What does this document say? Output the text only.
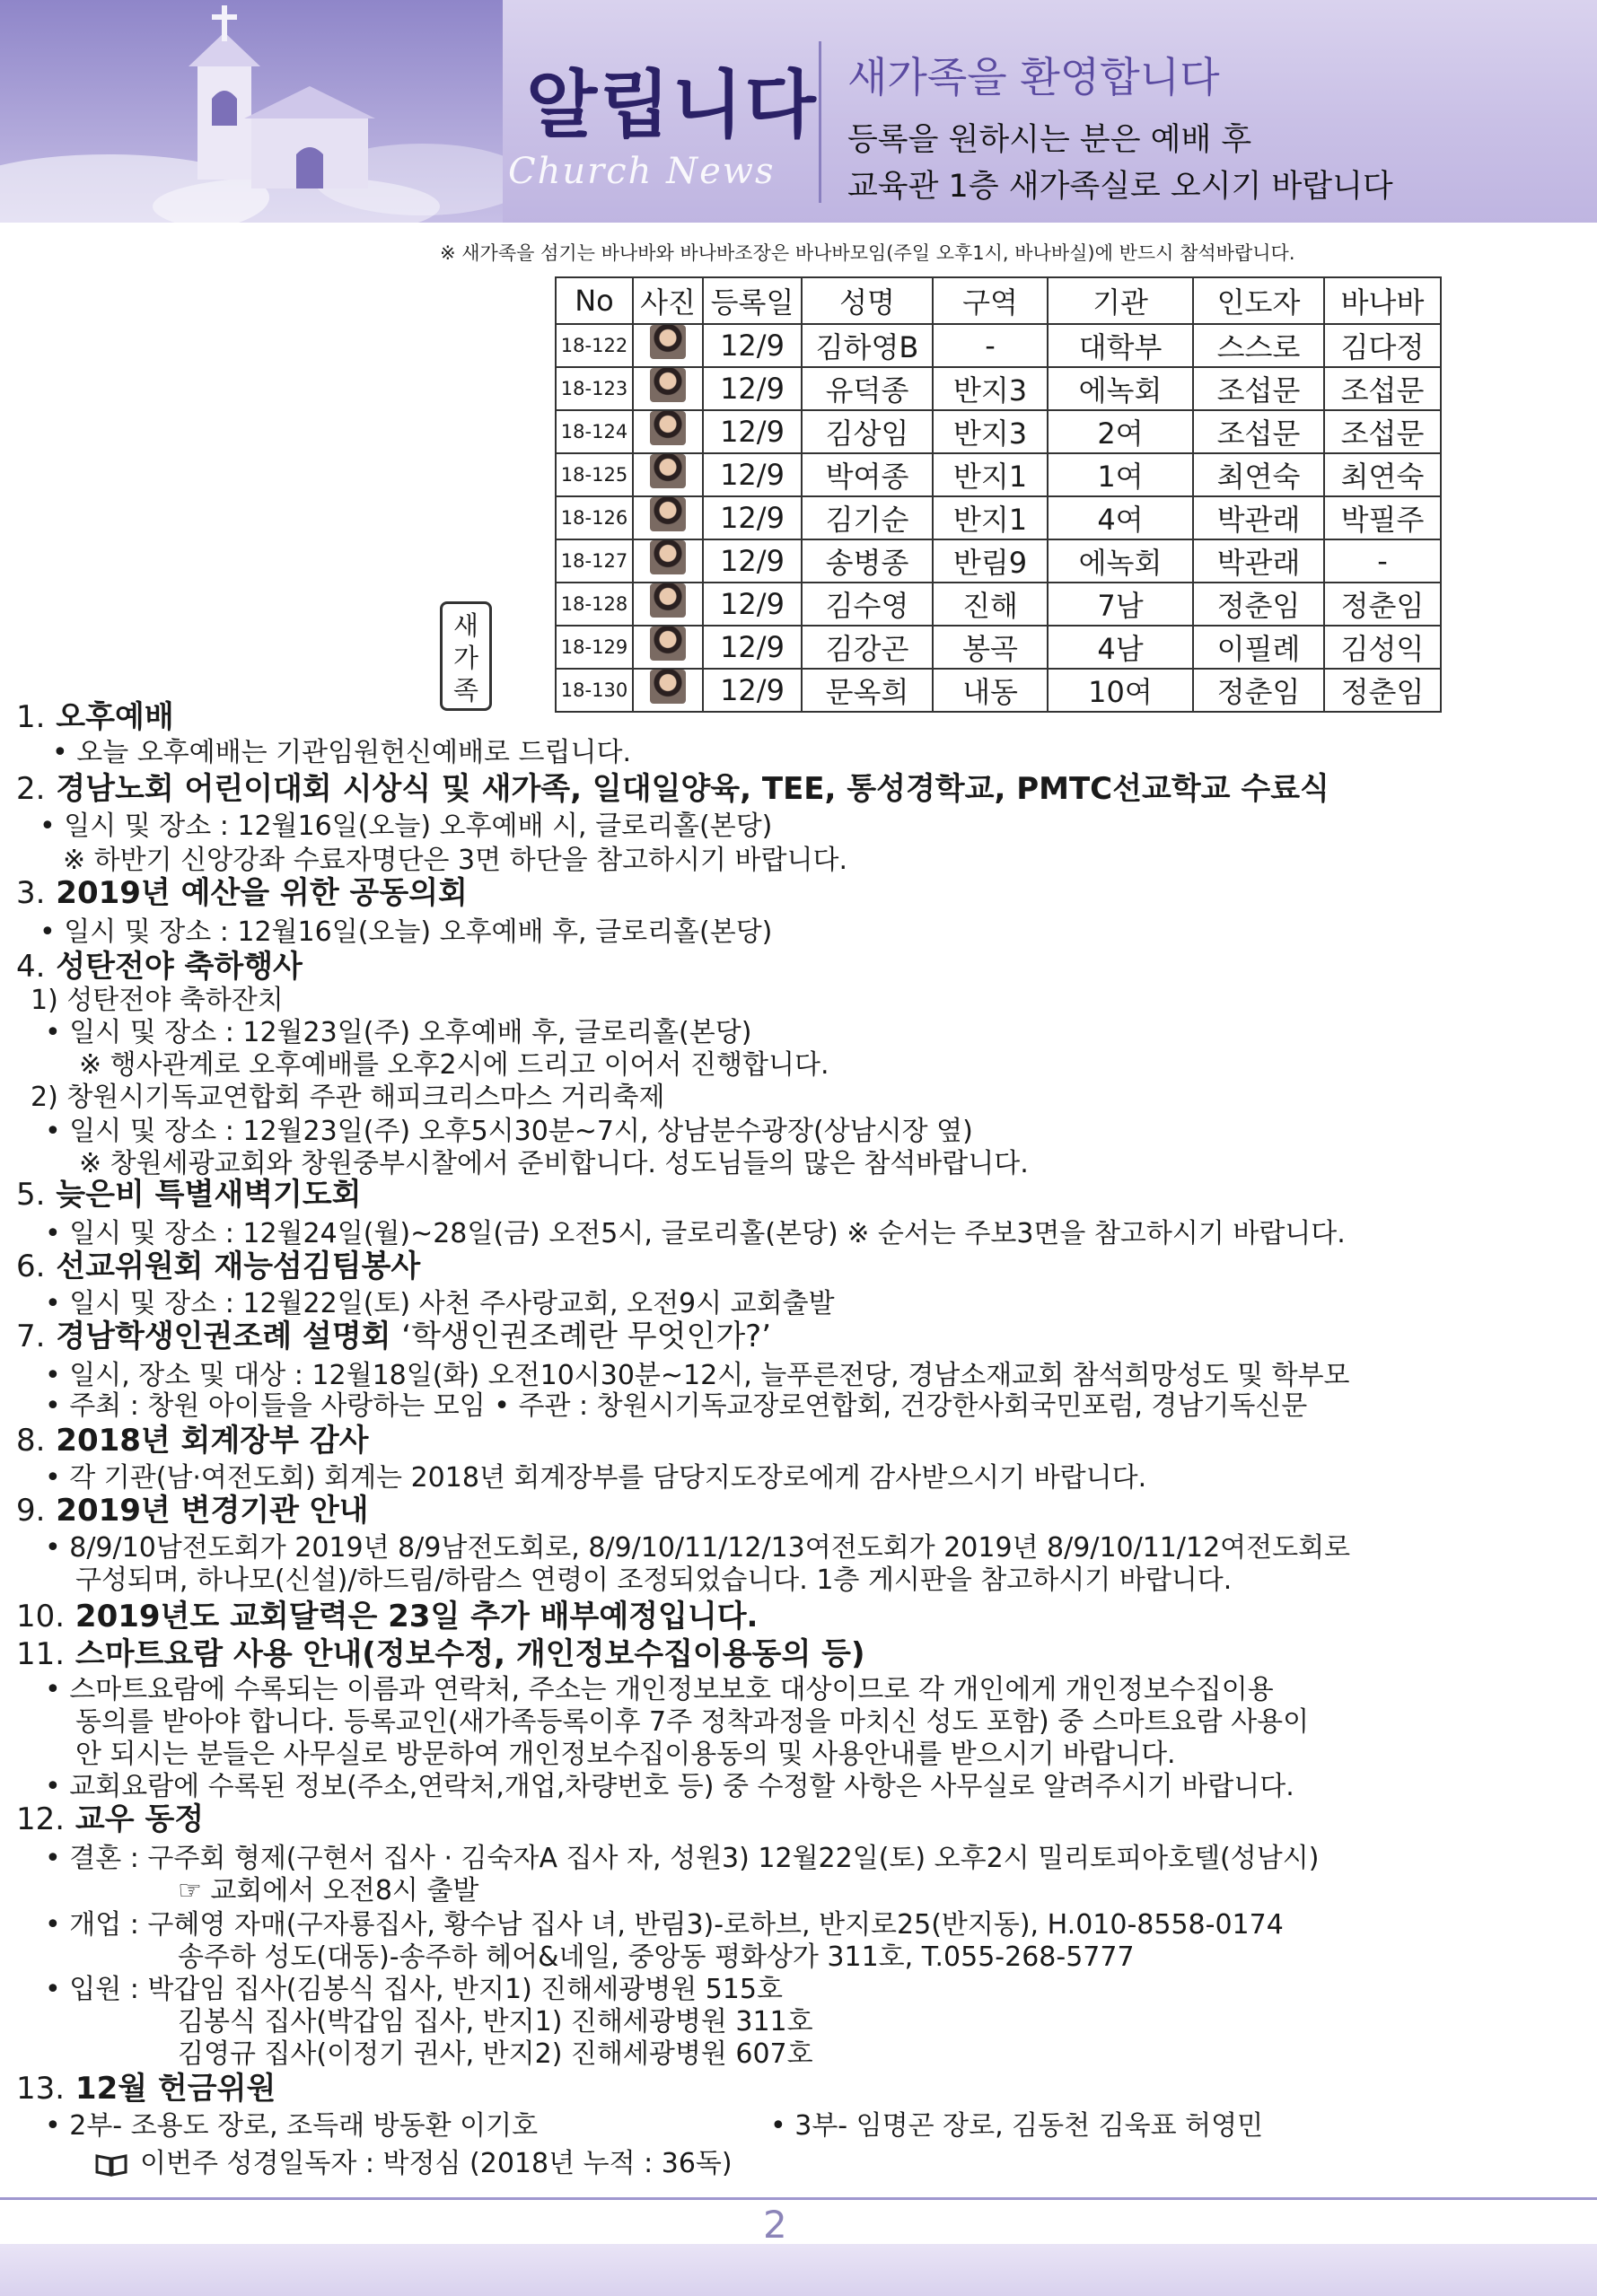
알립니다
Church News
새가족을 환영합니다
등록을 원하시는 분은 예배 후
교육관 1층 새가족실로 오시기 바랍니다
※ 새가족을 섬기는 바나바와 바나바조장은 바나바모임(주일 오후1시, 바나바실)에 반드시 참석바랍니다.
No	사진	등록일	성명	구역	기관	인도자	바나바
18-122		12/9	김하영B	-	대학부	스스로	김다정
18-123		12/9	유덕종	반지3	에녹회	조섭문	조섭문
18-124		12/9	김상임	반지3	2여	조섭문	조섭문
18-125		12/9	박여종	반지1	1여	최연숙	최연숙
18-126		12/9	김기순	반지1	4여	박관래	박필주
18-127		12/9	송병종	반림9	에녹회	박관래	-
18-128		12/9	김수영	진해	7남	정춘임	정춘임
18-129		12/9	김강곤	봉곡	4남	이필례	김성익
18-130		12/9	문옥희	내동	10여	정춘임	정춘임
새
가
족
1. 오후예배
• 오늘 오후예배는 기관임원헌신예배로 드립니다.
2. 경남노회 어린이대회 시상식 및 새가족, 일대일양육, TEE, 통성경학교, PMTC선교학교 수료식
• 일시 및 장소 : 12월16일(오늘) 오후예배 시, 글로리홀(본당)
※ 하반기 신앙강좌 수료자명단은 3면 하단을 참고하시기 바랍니다.
3. 2019년 예산을 위한 공동의회
• 일시 및 장소 : 12월16일(오늘) 오후예배 후, 글로리홀(본당)
4. 성탄전야 축하행사
1) 성탄전야 축하잔치
• 일시 및 장소 : 12월23일(주) 오후예배 후, 글로리홀(본당)
※ 행사관계로 오후예배를 오후2시에 드리고 이어서 진행합니다.
2) 창원시기독교연합회 주관 해피크리스마스 거리축제
• 일시 및 장소 : 12월23일(주) 오후5시30분~7시, 상남분수광장(상남시장 옆)
※ 창원세광교회와 창원중부시찰에서 준비합니다. 성도님들의 많은 참석바랍니다.
5. 늦은비 특별새벽기도회
• 일시 및 장소 : 12월24일(월)~28일(금) 오전5시, 글로리홀(본당) ※ 순서는 주보3면을 참고하시기 바랍니다.
6. 선교위원회 재능섬김팀봉사
• 일시 및 장소 : 12월22일(토) 사천 주사랑교회, 오전9시 교회출발
7. 경남학생인권조례 설명회 ‘학생인권조례란 무엇인가?’
• 일시, 장소 및 대상 : 12월18일(화) 오전10시30분~12시, 늘푸른전당, 경남소재교회 참석희망성도 및 학부모
• 주최 : 창원 아이들을 사랑하는 모임 • 주관 : 창원시기독교장로연합회, 건강한사회국민포럼, 경남기독신문
8. 2018년 회계장부 감사
• 각 기관(남·여전도회) 회계는 2018년 회계장부를 담당지도장로에게 감사받으시기 바랍니다.
9. 2019년 변경기관 안내
• 8/9/10남전도회가 2019년 8/9남전도회로, 8/9/10/11/12/13여전도회가 2019년 8/9/10/11/12여전도회로
구성되며, 하나모(신설)/하드림/하람스 연령이 조정되었습니다. 1층 게시판을 참고하시기 바랍니다.
10. 2019년도 교회달력은 23일 추가 배부예정입니다.
11. 스마트요람 사용 안내(정보수정, 개인정보수집이용동의 등)
• 스마트요람에 수록되는 이름과 연락처, 주소는 개인정보보호 대상이므로 각 개인에게 개인정보수집이용
동의를 받아야 합니다. 등록교인(새가족등록이후 7주 정착과정을 마치신 성도 포함) 중 스마트요람 사용이
안 되시는 분들은 사무실로 방문하여 개인정보수집이용동의 및 사용안내를 받으시기 바랍니다.
• 교회요람에 수록된 정보(주소,연락처,개업,차량번호 등) 중 수정할 사항은 사무실로 알려주시기 바랍니다.
12. 교우 동정
• 결혼 : 구주회 형제(구현서 집사 · 김숙자A 집사 자, 성원3) 12월22일(토) 오후2시 밀리토피아호텔(성남시)
☞ 교회에서 오전8시 출발
• 개업 : 구혜영 자매(구자룡집사, 황수남 집사 녀, 반림3)-로하브, 반지로25(반지동), H.010-8558-0174
송주하 성도(대동)-송주하 헤어&네일, 중앙동 평화상가 311호, T.055-268-5777
• 입원 : 박갑임 집사(김봉식 집사, 반지1) 진해세광병원 515호
김봉식 집사(박갑임 집사, 반지1) 진해세광병원 311호
김영규 집사(이정기 권사, 반지2) 진해세광병원 607호
13. 12월 헌금위원
• 2부- 조용도 장로, 조득래 방동환 이기호	• 3부- 임명곤 장로, 김동천 김욱표 허영민
이번주 성경일독자 : 박정심 (2018년 누적 : 36독)
2
